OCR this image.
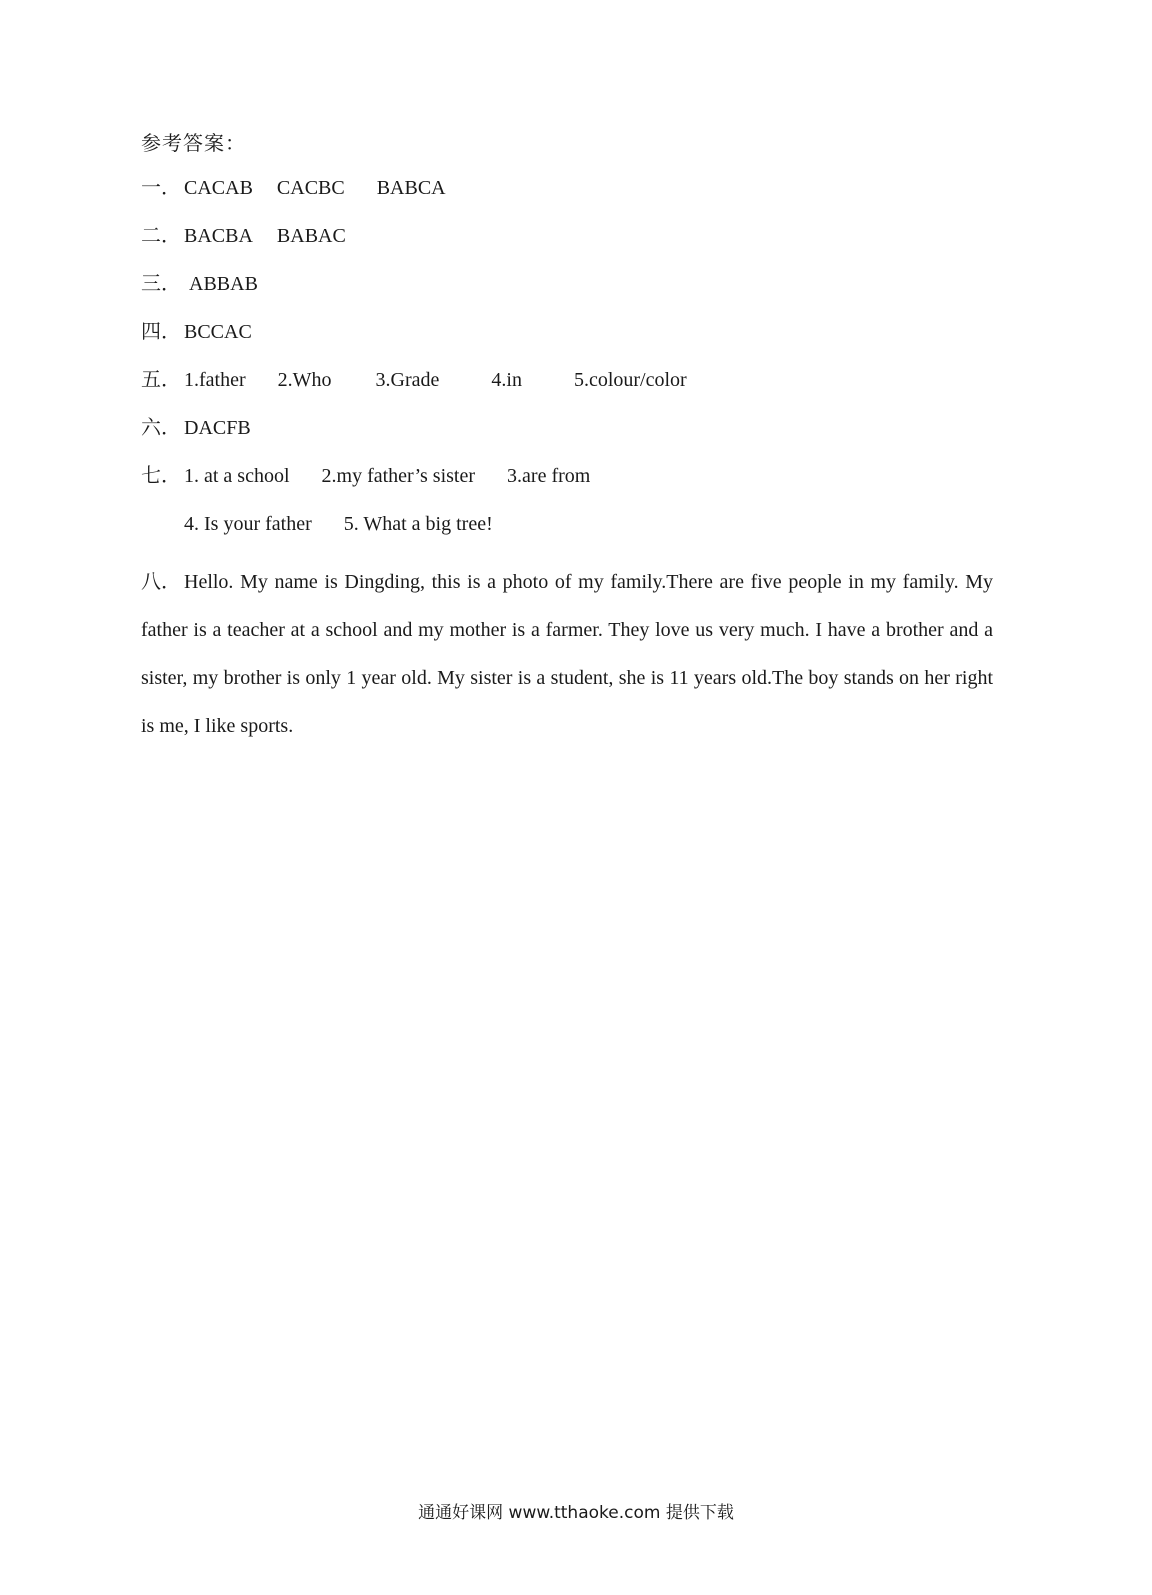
参考答案：
一． CACAB CACBC BABCA
二． BACBA BABAC
三． ABBAB
四． BCCAC
五． 1.father 2.Who 3.Grade	4.in	5.colour/color
六． DACFB
七． 1. at a school 2.my father’s sister 3.are from
4. Is your father 5. What a big tree!
八． Hello. My name is Dingding, this is a photo of my family.There are five people in my family. My father is a teacher at a school and my mother is a farmer. They love us very much. I have a brother and a sister, my brother is only 1 year old. My sister is a student, she is 11 years old.The boy stands on her right is me, I like sports.
通通好课网 www.tthaoke.com 提供下载
